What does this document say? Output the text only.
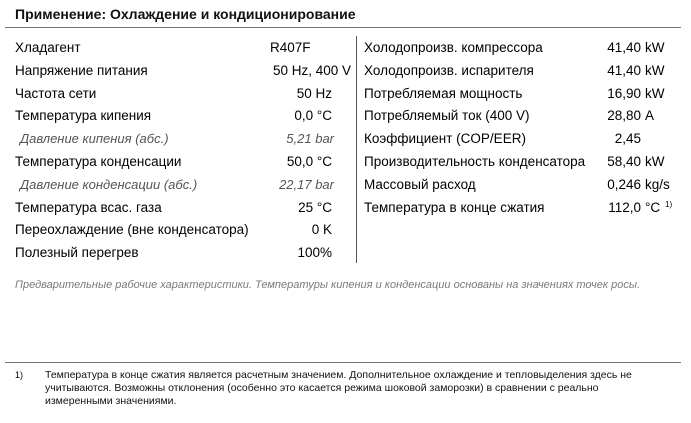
Применение: Охлаждение и кондиционирование
Хладагент	R407F
Напряжение питания	50 Hz, 400 V
Частота сети	50 Hz
Температура кипения	0,0 °C
Давление кипения (абс.)	5,21 bar
Температура конденсации	50,0 °C
Давление конденсации (абс.)	22,17 bar
Температура всас. газа	25 °C
Переохлаждение (вне конденсатора)	0 K
Полезный перегрев	100%
Холодопроизв. компрессора	41,40 kW
Холодопроизв. испарителя	41,40 kW
Потребляемая мощность	16,90 kW
Потребляемый ток (400 V)	28,80 A
Коэффициент (COP/EER)	2,45
Производительность конденсатора 58,40 kW
Массовый расход	0,246 kg/s
Температура в конце сжатия	112,0 °C 1)
Предварительные рабочие характеристики. Температуры кипения и конденсации основаны на значениях точек росы.
1) Температура в конце сжатия является расчетным значением. Дополнительное охлаждение и тепловыделения здесь не учитываются. Возможны отклонения (особенно это касается режима шоковой заморозки) в сравнении с реально измеренными значениями.
